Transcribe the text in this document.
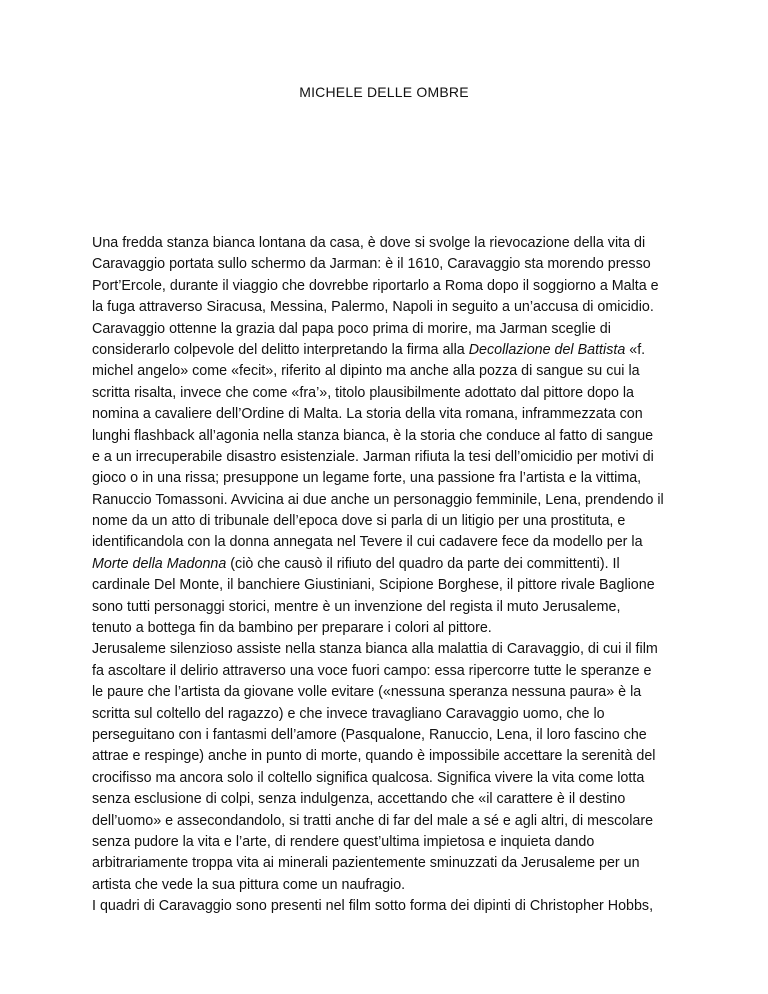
MICHELE DELLE OMBRE
Una fredda stanza bianca lontana da casa, è dove si svolge la rievocazione della vita di
Caravaggio portata sullo schermo da Jarman: è il 1610, Caravaggio sta morendo presso
Port’Ercole, durante il viaggio che dovrebbe riportarlo a Roma dopo il soggiorno a Malta e
la fuga attraverso Siracusa, Messina, Palermo, Napoli in seguito a un’accusa di omicidio.
Caravaggio ottenne la grazia dal papa poco prima di morire, ma Jarman sceglie di
considerarlo colpevole del delitto interpretando la firma alla Decollazione del Battista «f.
michel angelo» come «fecit», riferito al dipinto ma anche alla pozza di sangue su cui la
scritta risalta, invece che come «fra’», titolo plausibilmente adottato dal pittore dopo la
nomina a cavaliere dell’Ordine di Malta. La storia della vita romana, inframmezzata con
lunghi flashback all’agonia nella stanza bianca, è la storia che conduce al fatto di sangue
e a un irrecuperabile disastro esistenziale. Jarman rifiuta la tesi dell’omicidio per motivi di
gioco o in una rissa; presuppone un legame forte, una passione fra l’artista e la vittima,
Ranuccio Tomassoni. Avvicina ai due anche un personaggio femminile, Lena, prendendo il
nome da un atto di tribunale dell’epoca dove si parla di un litigio per una prostituta, e
identificandola con la donna annegata nel Tevere il cui cadavere fece da modello per la
Morte della Madonna (ciò che causò il rifiuto del quadro da parte dei committenti). Il
cardinale Del Monte, il banchiere Giustiniani, Scipione Borghese, il pittore rivale Baglione
sono tutti personaggi storici, mentre è un invenzione del regista il muto Jerusaleme,
tenuto a bottega fin da bambino per preparare i colori al pittore.
Jerusaleme silenzioso assiste nella stanza bianca alla malattia di Caravaggio, di cui il film
fa ascoltare il delirio attraverso una voce fuori campo: essa ripercorre tutte le speranze e
le paure che l’artista da giovane volle evitare («nessuna speranza nessuna paura» è la
scritta sul coltello del ragazzo) e che invece travagliano Caravaggio uomo, che lo
perseguitano con i fantasmi dell’amore (Pasqualone, Ranuccio, Lena, il loro fascino che
attrae e respinge) anche in punto di morte, quando è impossibile accettare la serenità del
crocifisso ma ancora solo il coltello significa qualcosa. Significa vivere la vita come lotta
senza esclusione di colpi, senza indulgenza, accettando che «il carattere è il destino
dell’uomo» e assecondandolo, si tratti anche di far del male a sé e agli altri, di mescolare
senza pudore la vita e l’arte, di rendere quest’ultima impietosa e inquieta dando
arbitrariamente troppa vita ai minerali pazientemente sminuzzati da Jerusaleme per un
artista che vede la sua pittura come un naufragio.
I quadri di Caravaggio sono presenti nel film sotto forma dei dipinti di Christopher Hobbs,
